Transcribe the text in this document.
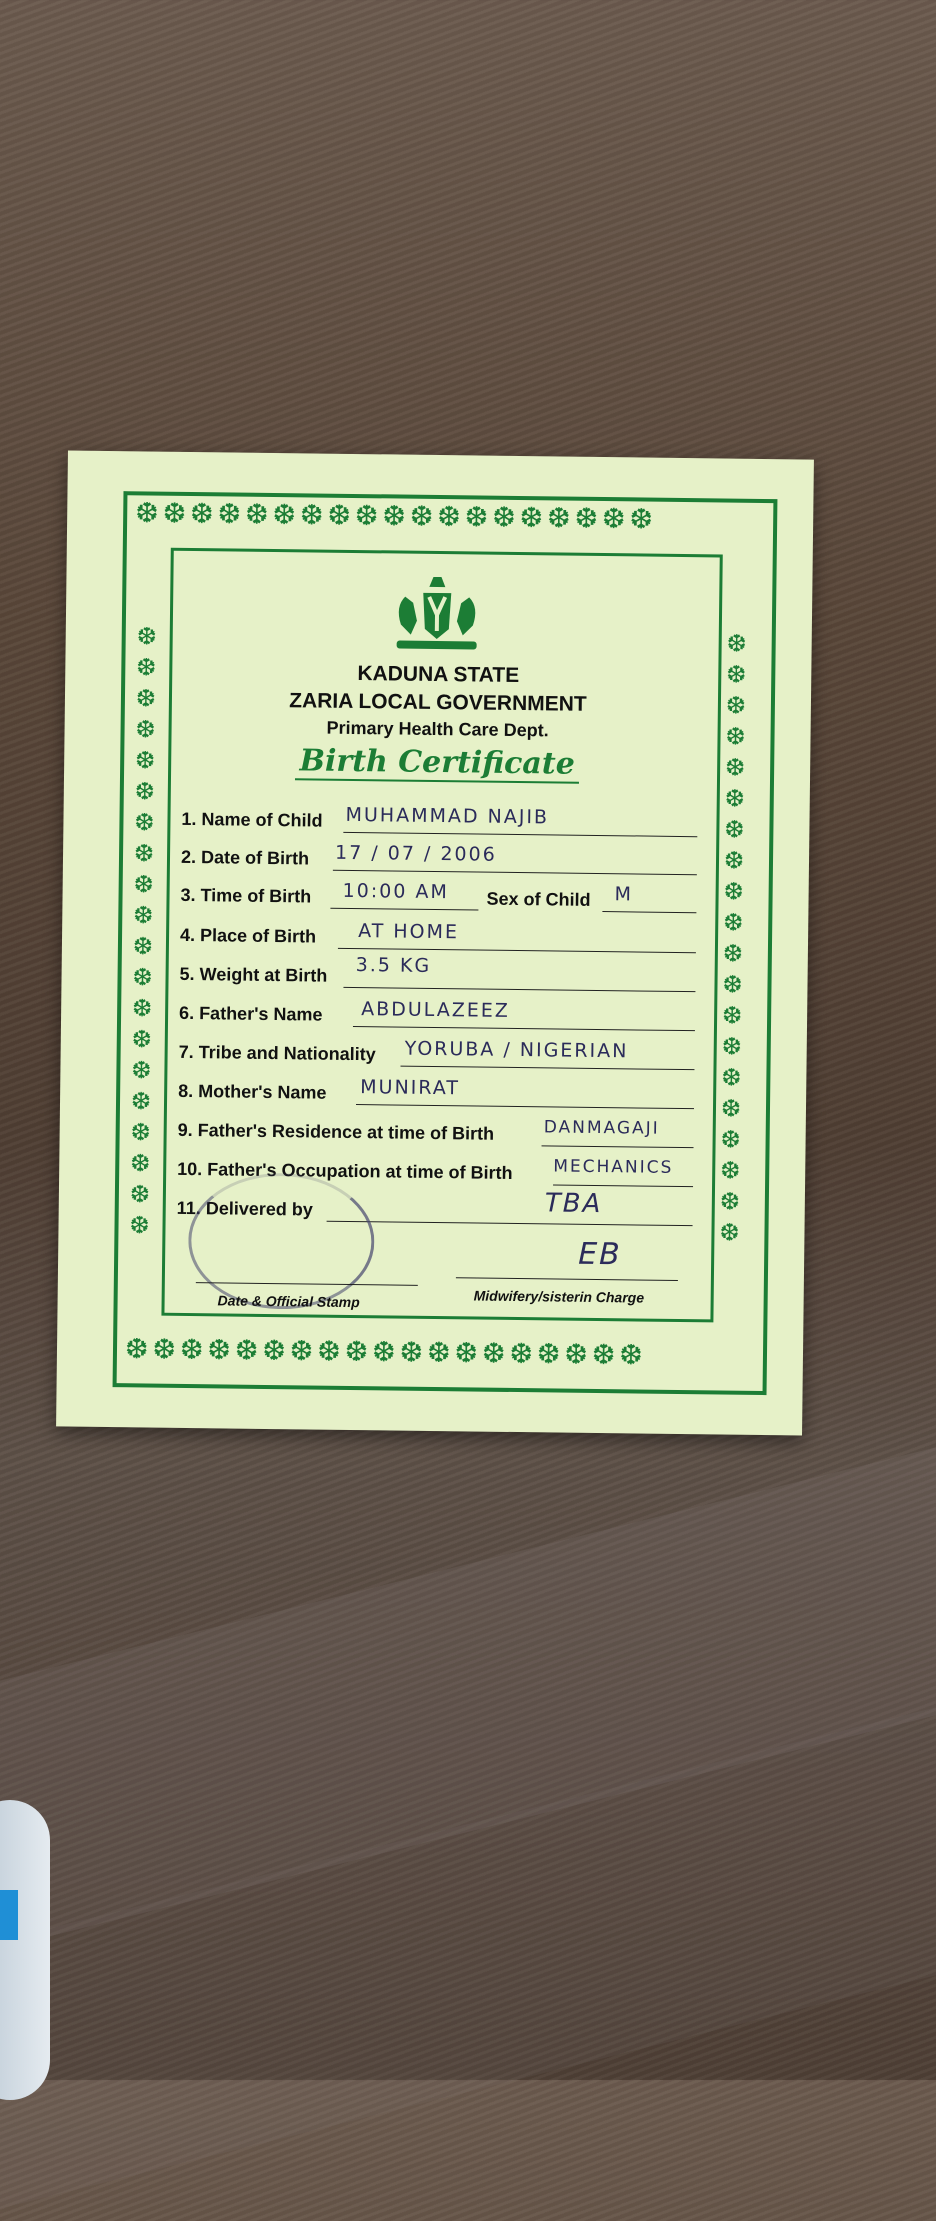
❆❆❆❆❆❆❆❆❆❆❆❆❆❆❆❆❆❆❆
❆❆❆❆❆❆❆❆❆❆❆❆❆❆❆❆❆❆❆
❆
❆
❆
❆
❆
❆
❆
❆
❆
❆
❆
❆
❆
❆
❆
❆
❆
❆
❆
❆
❆
❆
❆
❆
❆
❆
❆
❆
❆
❆
❆
❆
❆
❆
❆
❆
❆
❆
❆
❆
KADUNA STATE
ZARIA LOCAL GOVERNMENT
Primary Health Care Dept.
Birth Certificate
1. Name of Child MUHAMMAD NAJIB
2. Date of Birth 17 / 07 / 2006
3. Time of Birth 10:00 AM Sex of Child M
4. Place of Birth AT HOME
5. Weight at Birth 3.5 KG
6. Father's Name ABDULAZEEZ
7. Tribe and Nationality YORUBA / NIGERIAN
8. Mother's Name MUNIRAT
9. Father's Residence at time of Birth	DANMAGAJI
10. Father's Occupation at time of Birth MECHANICS
11. Delivered by	TBA
Date & Official Stamp
EB
Midwifery/sisterin Charge
